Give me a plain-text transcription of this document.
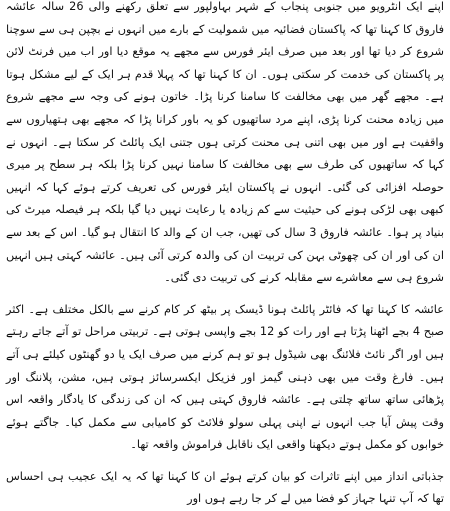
اپنے ایک انٹرویو میں جنوبی پنجاب کے شہر بہاولپور سے تعلق رکھنے والی 26 سالہ عائشہ فاروق کا کہنا تھا کہ پاکستان فضائیہ میں شمولیت کے بارے میں انہوں نے بچپن ہی سے سوچنا شروع کر دیا تھا اور بعد میں صرف ایئر فورس سے مجھے یہ موقع دیا اور اب میں فرنٹ لائن پر پاکستان کی خدمت کر سکتی ہوں۔ ان کا کہنا تھا کہ پہلا قدم ہر ایک کے لیے مشکل ہوتا ہے۔ مجھے گھر میں بھی مخالفت کا سامنا کرنا پڑا۔ خاتون ہونے کی وجہ سے مجھے شروع میں زیادہ محنت کرنا پڑی، اپنے مرد ساتھیوں کو یہ باور کرانا پڑا کہ مجھے بھی ہتھیاروں سے واقفیت ہے اور میں بھی اتنی ہی محنت کرتی ہوں جتنی ایک پائلٹ کر سکتا ہے۔ انہوں نے کہا کہ ساتھیوں کی طرف سے بھی مخالفت کا سامنا نہیں کرنا پڑا بلکہ ہر سطح پر میری حوصلہ افزائی کی گئی۔ انہوں نے پاکستان ایئر فورس کی تعریف کرتے ہوئے کہا کہ انہیں کبھی بھی لڑکی ہونے کی حیثیت سے کم زیادہ یا رعایت نہیں دیا گیا بلکہ ہر فیصلہ میرٹ کی بنیاد پر ہوا۔ عائشہ فاروق 3 سال کی تھیں، جب ان کے والد کا انتقال ہو گیا۔ اس کے بعد سے ان کی اور ان کی چھوٹی بہن کی تربیت ان کی والدہ کرتی آئی ہیں۔ عائشہ کہتی ہیں انہیں شروع ہی سے معاشرے سے مقابلہ کرنے کی تربیت دی گئی۔

عائشہ کا کہنا تھا کہ فائٹر پائلٹ ہونا ڈیسک پر بیٹھ کر کام کرنے سے بالکل مختلف ہے۔ اکثر صبح 4 بجے اٹھنا پڑتا ہے اور رات کو 12 بجے واپسی ہوتی ہے۔ تربیتی مراحل تو آتے جاتے رہتے ہیں اور اگر نائٹ فلائنگ بھی شیڈول ہو تو ہم کرنے میں صرف ایک یا دو گھنٹوں کیلئے ہی آتے ہیں۔ فارغ وقت میں بھی ذہنی گیمز اور فزیکل ایکسرسائز ہوتی ہیں، مشن، پلاننگ اور پڑھائی ساتھ ساتھ چلتی ہے۔ عائشہ فاروق کہتی ہیں کہ ان کی زندگی کا یادگار واقعہ اس وقت پیش آیا جب انہوں نے اپنی پہلی سولو فلائٹ کو کامیابی سے مکمل کیا۔ جاگتے ہوئے خوابوں کو مکمل ہوتے دیکھنا واقعی ایک ناقابل فراموش واقعہ تھا۔

جذباتی انداز میں اپنے تاثرات کو بیان کرتے ہوئے ان کا کہنا تھا کہ یہ ایک عجیب ہی احساس تھا کہ آپ تنہا جہاز کو فضا میں لے کر جا رہے ہوں اور
